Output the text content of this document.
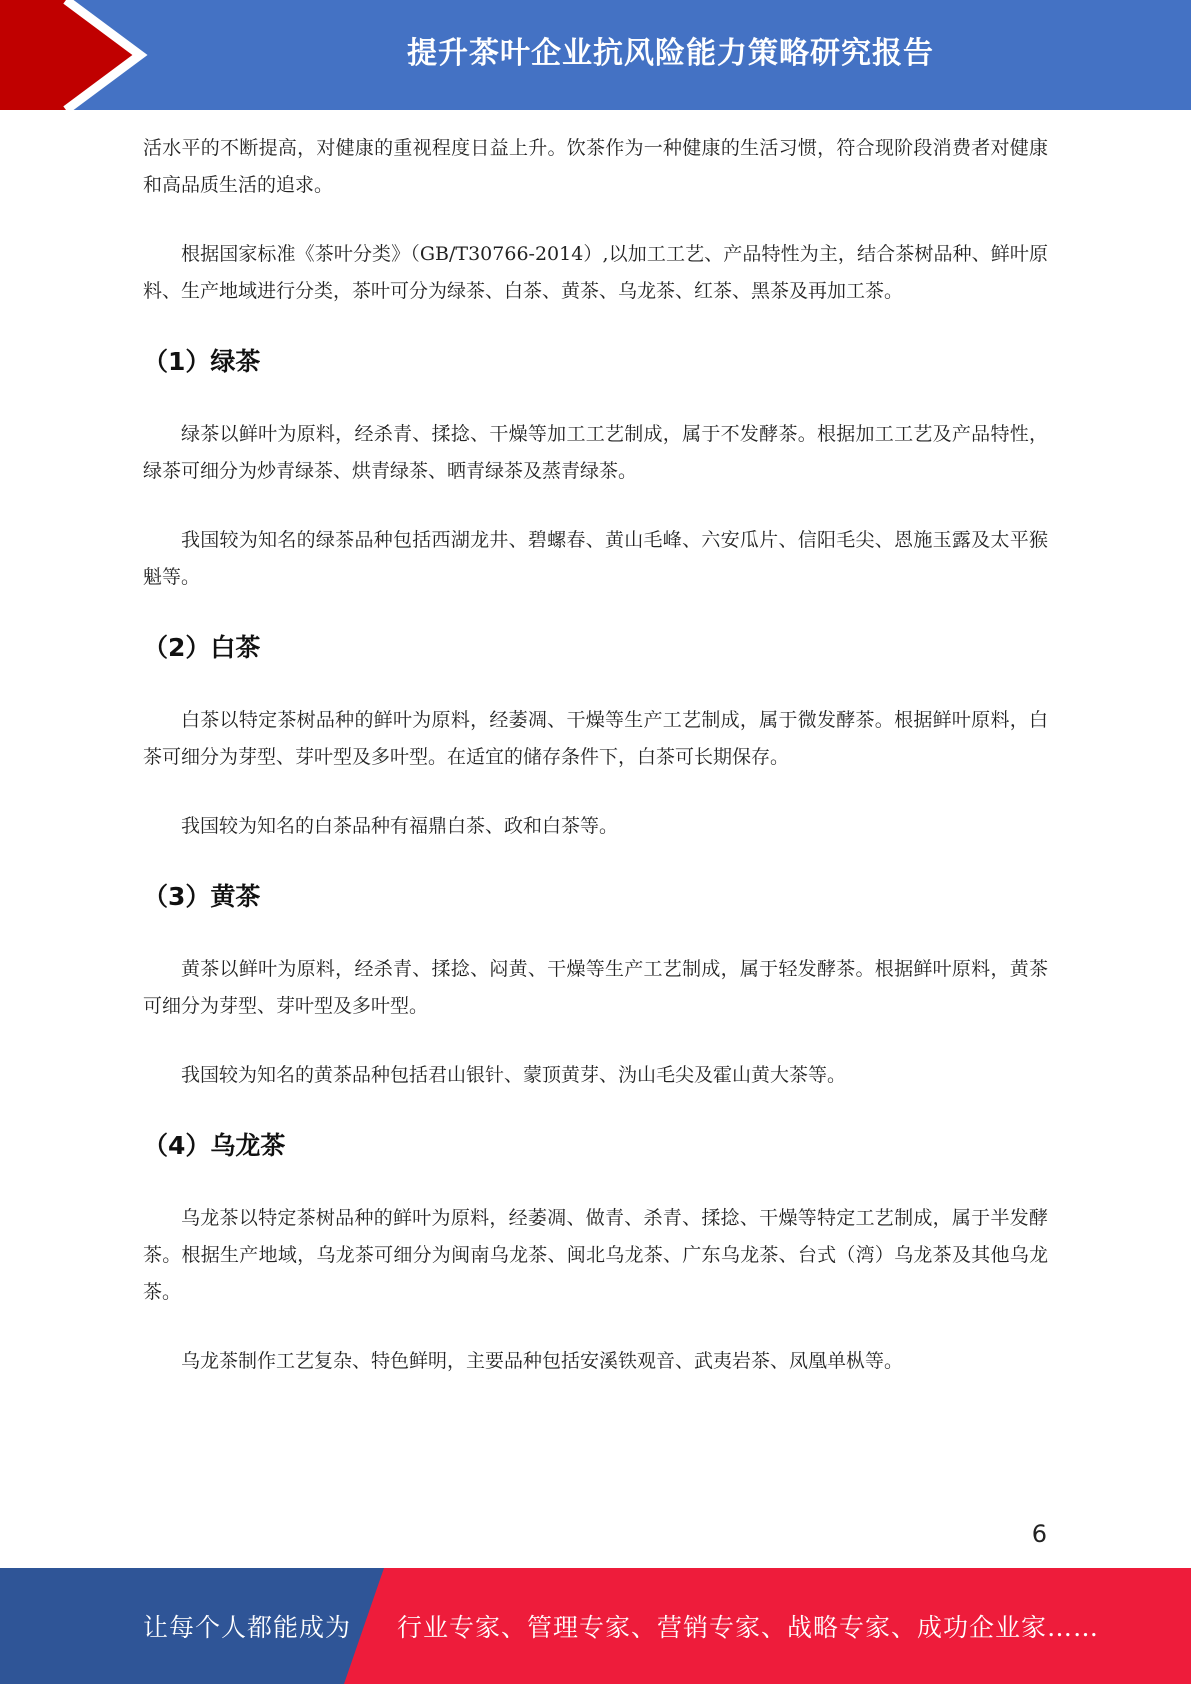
提升茶叶企业抗风险能力策略研究报告

活水平的不断提高，对健康的重视程度日益上升。饮茶作为一种健康的生活习惯，符合现阶段消费者对健康和高品质生活的追求。

根据国家标准《茶叶分类》（GB/T30766-2014）,以加工工艺、产品特性为主，结合茶树品种、鲜叶原料、生产地域进行分类，茶叶可分为绿茶、白茶、黄茶、乌龙茶、红茶、黑茶及再加工茶。

（1）绿茶

绿茶以鲜叶为原料，经杀青、揉捻、干燥等加工工艺制成，属于不发酵茶。根据加工工艺及产品特性，绿茶可细分为炒青绿茶、烘青绿茶、晒青绿茶及蒸青绿茶。

我国较为知名的绿茶品种包括西湖龙井、碧螺春、黄山毛峰、六安瓜片、信阳毛尖、恩施玉露及太平猴魁等。

（2）白茶

白茶以特定茶树品种的鲜叶为原料，经萎凋、干燥等生产工艺制成，属于微发酵茶。根据鲜叶原料，白茶可细分为芽型、芽叶型及多叶型。在适宜的储存条件下，白茶可长期保存。

我国较为知名的白茶品种有福鼎白茶、政和白茶等。

（3）黄茶

黄茶以鲜叶为原料，经杀青、揉捻、闷黄、干燥等生产工艺制成，属于轻发酵茶。根据鲜叶原料，黄茶可细分为芽型、芽叶型及多叶型。

我国较为知名的黄茶品种包括君山银针、蒙顶黄芽、沩山毛尖及霍山黄大茶等。

（4）乌龙茶

乌龙茶以特定茶树品种的鲜叶为原料，经萎凋、做青、杀青、揉捻、干燥等特定工艺制成，属于半发酵茶。根据生产地域，乌龙茶可细分为闽南乌龙茶、闽北乌龙茶、广东乌龙茶、台式（湾）乌龙茶及其他乌龙茶。

乌龙茶制作工艺复杂、特色鲜明，主要品种包括安溪铁观音、武夷岩茶、凤凰单枞等。

6
让每个人都能成为 行业专家、管理专家、营销专家、战略专家、成功企业家……
